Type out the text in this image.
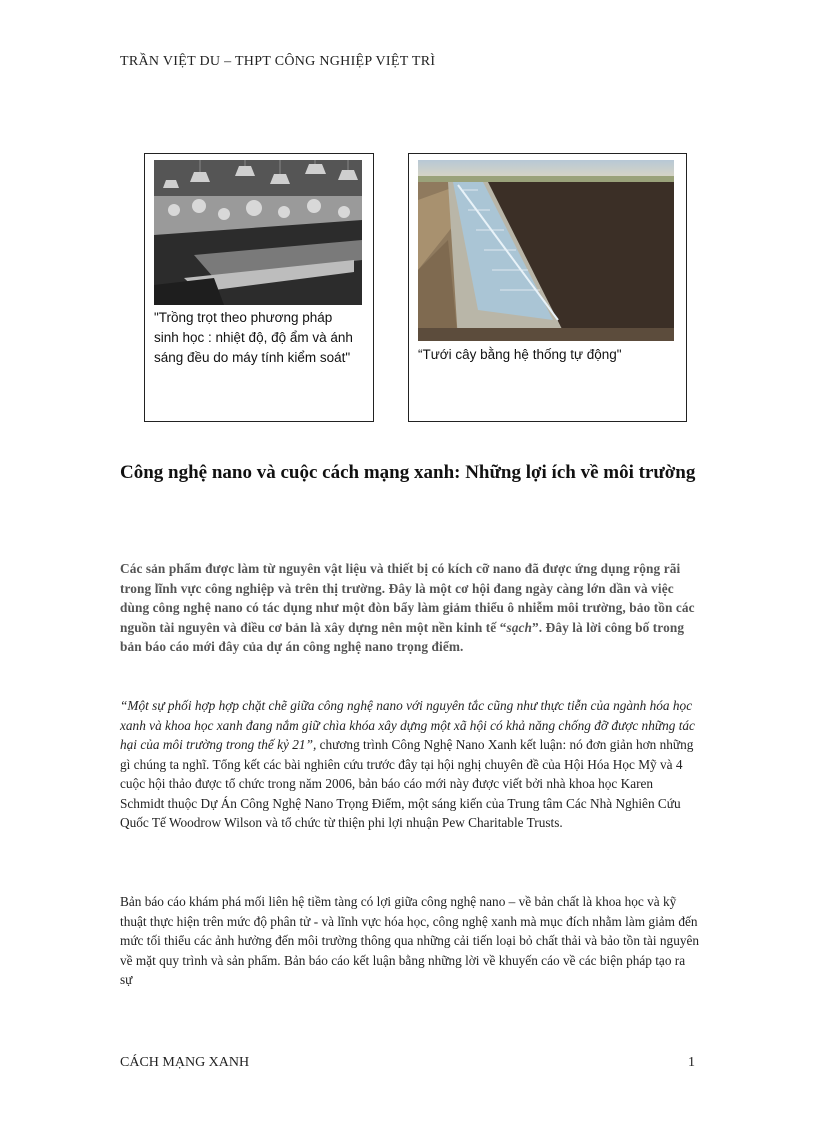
TRẦN VIỆT DU – THPT CÔNG NGHIỆP VIỆT TRÌ
"Trồng trọt theo phương pháp sinh học : nhiệt độ, độ ẩm và ánh sáng đều do máy tính kiểm soát"	“Tưới cây bằng hệ thống tự động"
Công nghệ nano và cuộc cách mạng xanh: Những lợi ích về môi trường

Các sản phẩm được làm từ nguyên vật liệu và thiết bị có kích cỡ nano đã được ứng dụng rộng rãi trong lĩnh vực công nghiệp và trên thị trường. Đây là một cơ hội đang ngày càng lớn dần và việc dùng công nghệ nano có tác dụng như một đòn bẩy làm giảm thiểu ô nhiễm môi trường, bảo tồn các nguồn tài nguyên và điều cơ bản là xây dựng nên một nền kinh tế “sạch”. Đây là lời công bố trong bản báo cáo mới đây của dự án công nghệ nano trọng điểm.

“Một sự phối hợp hợp chặt chẽ giữa công nghệ nano với nguyên tắc cũng như thực tiễn của ngành hóa học xanh và khoa học xanh đang nắm giữ chìa khóa xây dựng một xã hội có khả năng chống đỡ được những tác hại của môi trường trong thế kỷ 21”, chương trình Công Nghệ Nano Xanh kết luận: nó đơn giản hơn những gì chúng ta nghĩ. Tổng kết các bài nghiên cứu trước đây tại hội nghị chuyên đề của Hội Hóa Học Mỹ và 4 cuộc hội thảo được tổ chức trong năm 2006, bản báo cáo mới này được viết bởi nhà khoa học Karen Schmidt thuộc Dự Án Công Nghệ Nano Trọng Điểm, một sáng kiến của Trung tâm Các Nhà Nghiên Cứu Quốc Tế Woodrow Wilson và tổ chức từ thiện phi lợi nhuận Pew Charitable Trusts.

Bản báo cáo khám phá mối liên hệ tiềm tàng có lợi giữa công nghệ nano – về bản chất là khoa học và kỹ thuật thực hiện trên mức độ phân tử - và lĩnh vực hóa học, công nghệ xanh mà mục đích nhằm làm giảm đến mức tối thiểu các ảnh hưởng đến môi trường thông qua những cải tiến loại bỏ chất thải và bảo tồn tài nguyên về mặt quy trình và sản phẩm. Bản báo cáo kết luận bằng những lời về khuyến cáo về các biện pháp tạo ra sự

CÁCH MẠNG XANH	1
